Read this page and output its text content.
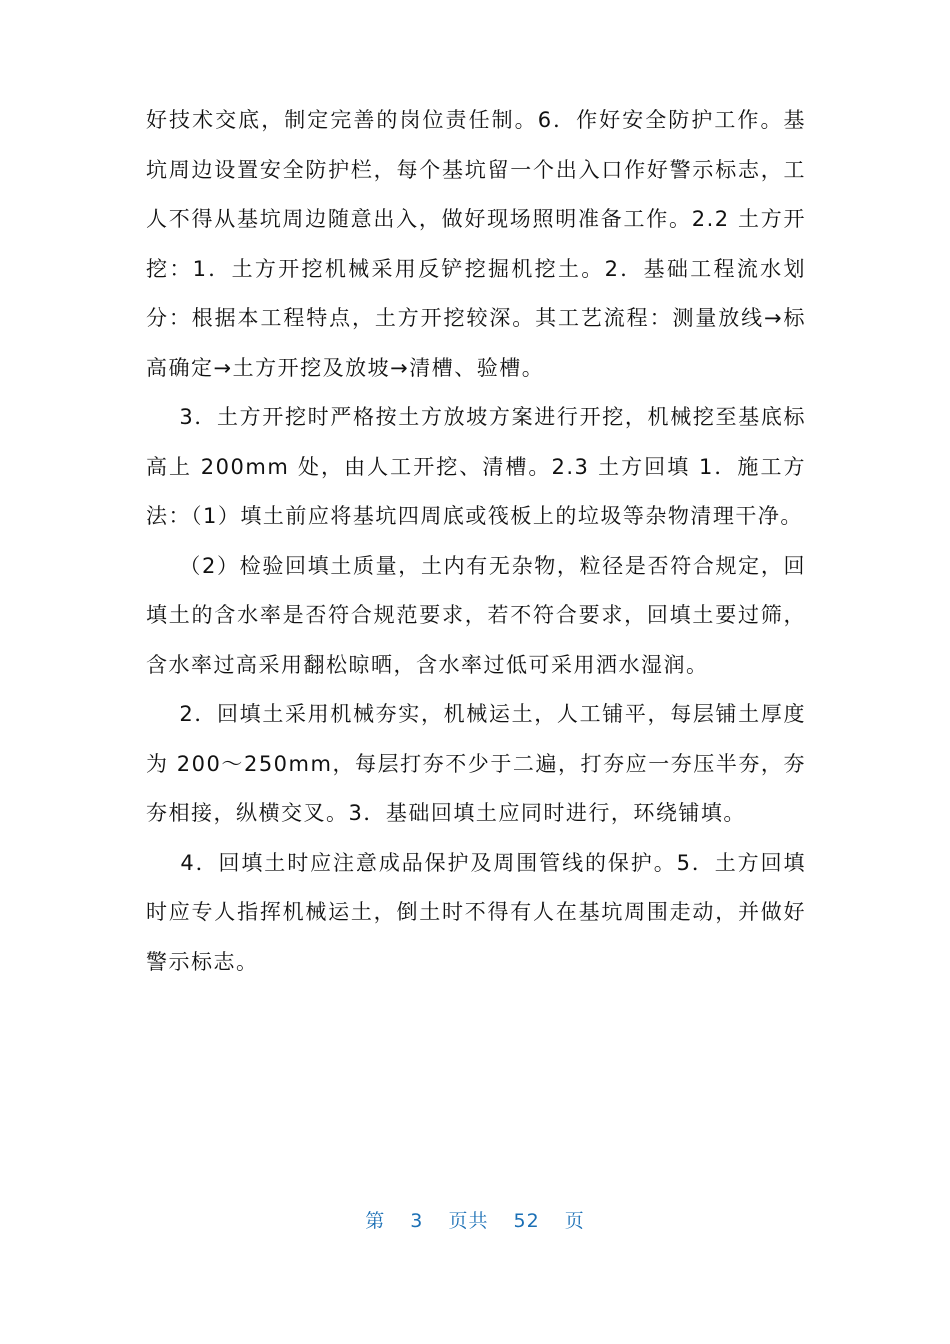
好技术交底，制定完善的岗位责任制。6．作好安全防护工作。基坑周边设置安全防护栏，每个基坑留一个出入口作好警示标志，工人不得从基坑周边随意出入，做好现场照明准备工作。2.2 土方开挖：1．土方开挖机械采用反铲挖掘机挖土。2．基础工程流水划分：根据本工程特点，土方开挖较深。其工艺流程：测量放线→标高确定→土方开挖及放坡→清槽、验槽。

3．土方开挖时严格按土方放坡方案进行开挖，机械挖至基底标高上 200mm 处，由人工开挖、清槽。2.3 土方回填 1．施工方法：（1）填土前应将基坑四周底或筏板上的垃圾等杂物清理干净。

（2）检验回填土质量，土内有无杂物，粒径是否符合规定，回填土的含水率是否符合规范要求，若不符合要求，回填土要过筛，含水率过高采用翻松晾晒，含水率过低可采用洒水湿润。

2．回填土采用机械夯实，机械运土，人工铺平，每层铺土厚度为 200～250mm，每层打夯不少于二遍，打夯应一夯压半夯，夯夯相接，纵横交叉。3．基础回填土应同时进行，环绕铺填。

4．回填土时应注意成品保护及周围管线的保护。5．土方回填时应专人指挥机械运土，倒土时不得有人在基坑周围走动，并做好警示标志。

第 3 页共 52 页
